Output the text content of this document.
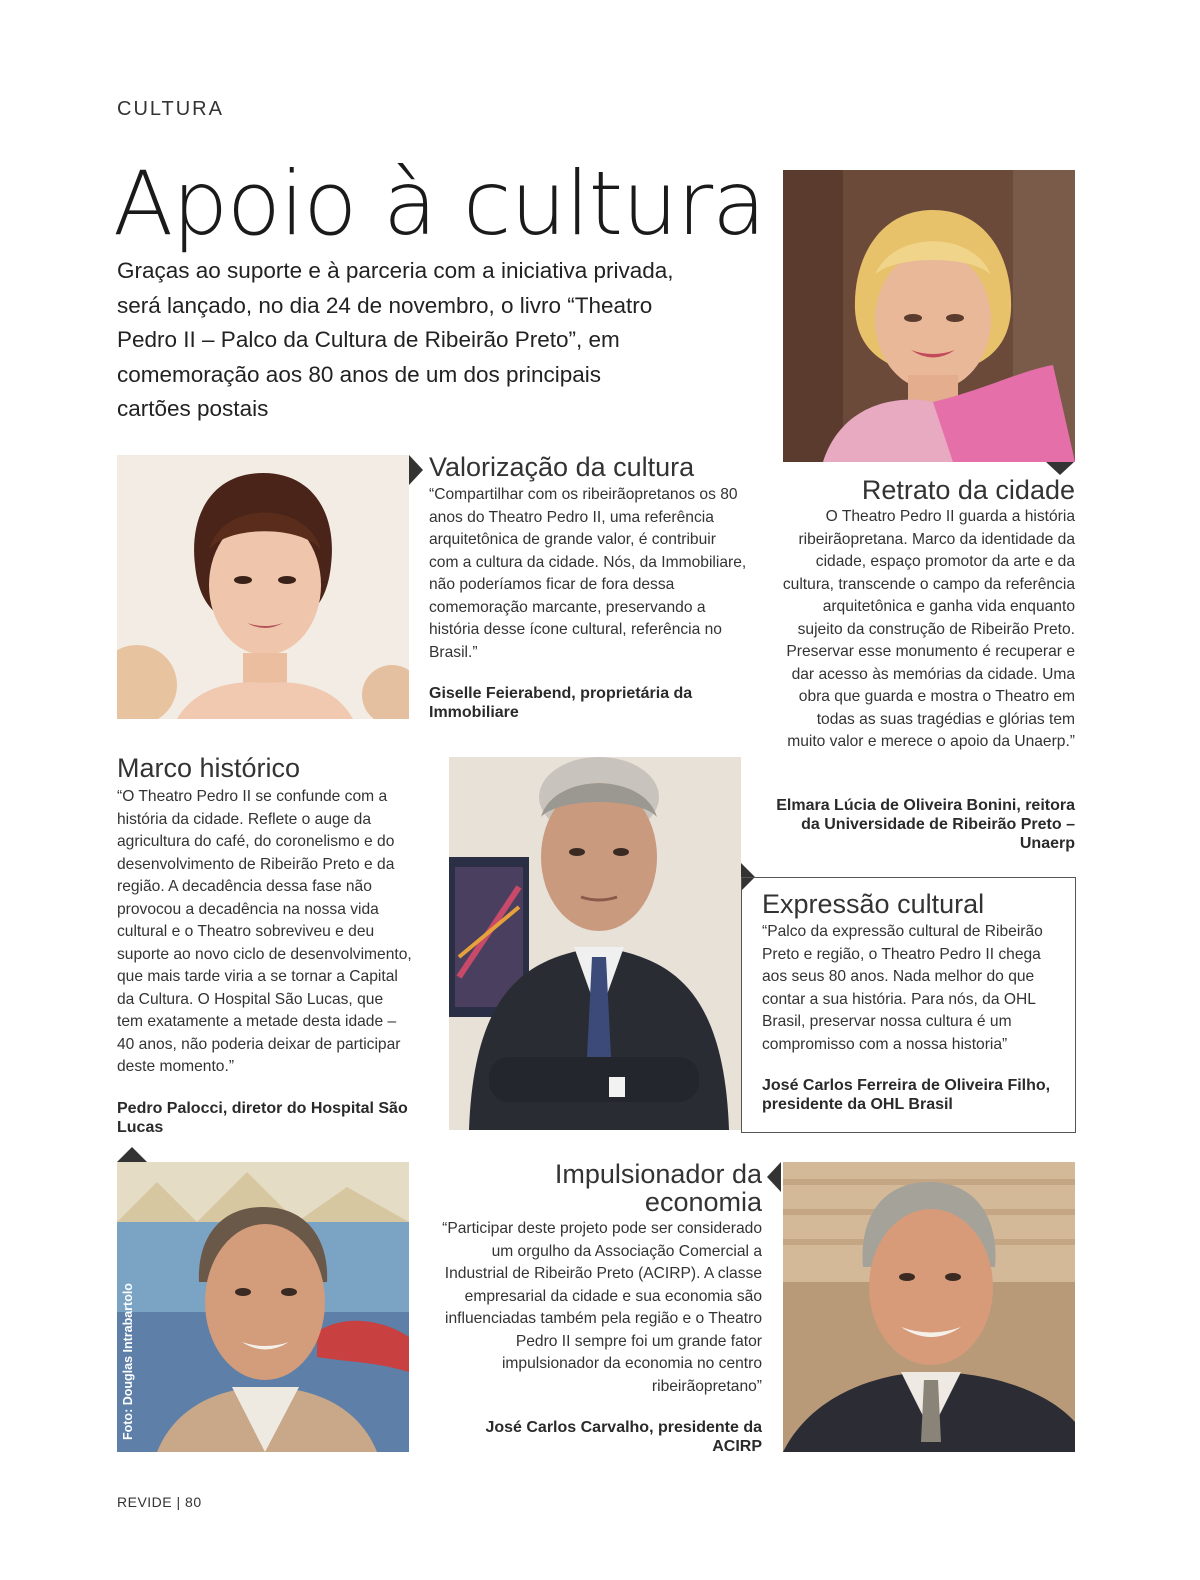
CULTURA
Apoio à cultura
Graças ao suporte e à parceria com a iniciativa privada, será lançado, no dia 24 de novembro, o livro “Theatro Pedro II – Palco da Cultura de Ribeirão Preto”, em comemoração aos 80 anos de um dos principais cartões postais
Valorização da cultura
“Compartilhar com os ribeirãopretanos os 80 anos do Theatro Pedro II, uma referência arquitetônica de grande valor, é contribuir com a cultura da cidade. Nós, da Immobiliare, não poderíamos ficar de fora dessa comemoração marcante, preservando a história desse ícone cultural, referência no Brasil.”
Giselle Feierabend, proprietária da Immobiliare
Retrato da cidade
O Theatro Pedro II guarda a história ribeirãopretana. Marco da identidade da cidade, espaço promotor da arte e da cultura, transcende o campo da referência arquitetônica e ganha vida enquanto sujeito da construção de Ribeirão Preto. Preservar esse monumento é recuperar e dar acesso às memórias da cidade. Uma obra que guarda e mostra o Theatro em todas as suas tragédias e glórias tem muito valor e merece o apoio da Unaerp.”
Elmara Lúcia de Oliveira Bonini, reitora da Universidade de Ribeirão Preto – Unaerp
Marco histórico
“O Theatro Pedro II se confunde com a história da cidade. Reflete o auge da agricultura do café, do coronelismo e do desenvolvimento de Ribeirão Preto e da região. A decadência dessa fase não provocou a decadência na nossa vida cultural e o Theatro sobreviveu e deu suporte ao novo ciclo de desenvolvimento, que mais tarde viria a se tornar a Capital da Cultura. O Hospital São Lucas, que tem exatamente a metade desta idade – 40 anos, não poderia deixar de participar deste momento.”
Pedro Palocci, diretor do Hospital São Lucas
Expressão cultural
“Palco da expressão cultural de Ribeirão Preto e região, o Theatro Pedro II chega aos seus 80 anos. Nada melhor do que contar a sua história. Para nós, da OHL Brasil, preservar nossa cultura é um compromisso com a nossa historia”
José Carlos Ferreira de Oliveira Filho, presidente da OHL Brasil
Foto: Douglas Intrabartolo
Impulsionador da economia
“Participar deste projeto pode ser considerado um orgulho da Associação Comercial a Industrial de Ribeirão Preto (ACIRP). A classe empresarial da cidade e sua economia são influenciadas também pela região e o Theatro Pedro II sempre foi um grande fator impulsionador da economia no centro ribeirãopretano”
José Carlos Carvalho, presidente da ACIRP
REVIDE | 80
